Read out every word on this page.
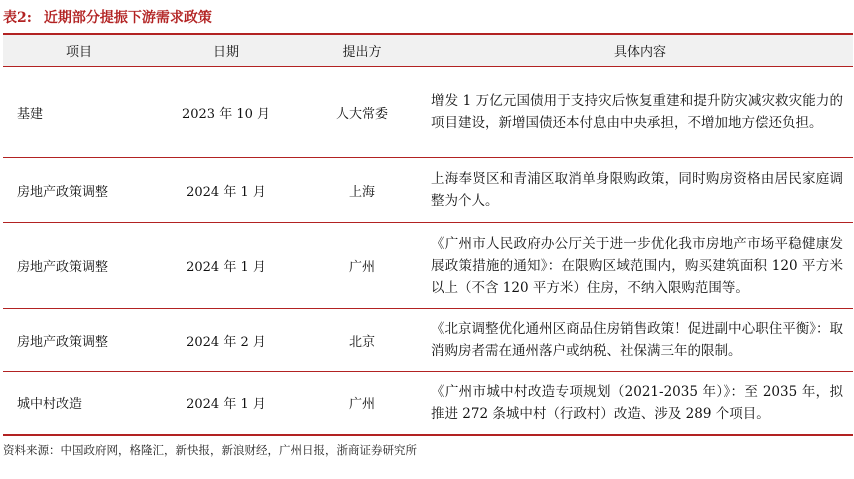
表2: 近期部分提振下游需求政策
项目	日期	提出方	具体内容
基建	2023 年 10 月	人大常委	增发 1 万亿元国债用于支持灾后恢复重建和提升防灾减灾救灾能力的项目建设，新增国债还本付息由中央承担，不增加地方偿还负担。
房地产政策调整	2024 年 1 月	上海	上海奉贤区和青浦区取消单身限购政策，同时购房资格由居民家庭调整为个人。
房地产政策调整	2024 年 1 月	广州	《广州市人民政府办公厅关于进一步优化我市房地产市场平稳健康发展政策措施的通知》：在限购区域范围内，购买建筑面积 120 平方米以上（不含 120 平方米）住房，不纳入限购范围等。
房地产政策调整	2024 年 2 月	北京	《北京调整优化通州区商品住房销售政策！促进副中心职住平衡》：取消购房者需在通州落户或纳税、社保满三年的限制。
城中村改造	2024 年 1 月	广州	《广州市城中村改造专项规划（2021-2035 年）》：至 2035 年，拟推进 272 条城中村（行政村）改造、涉及 289 个项目。
资料来源：中国政府网，格隆汇，新快报，新浪财经，广州日报，浙商证券研究所
